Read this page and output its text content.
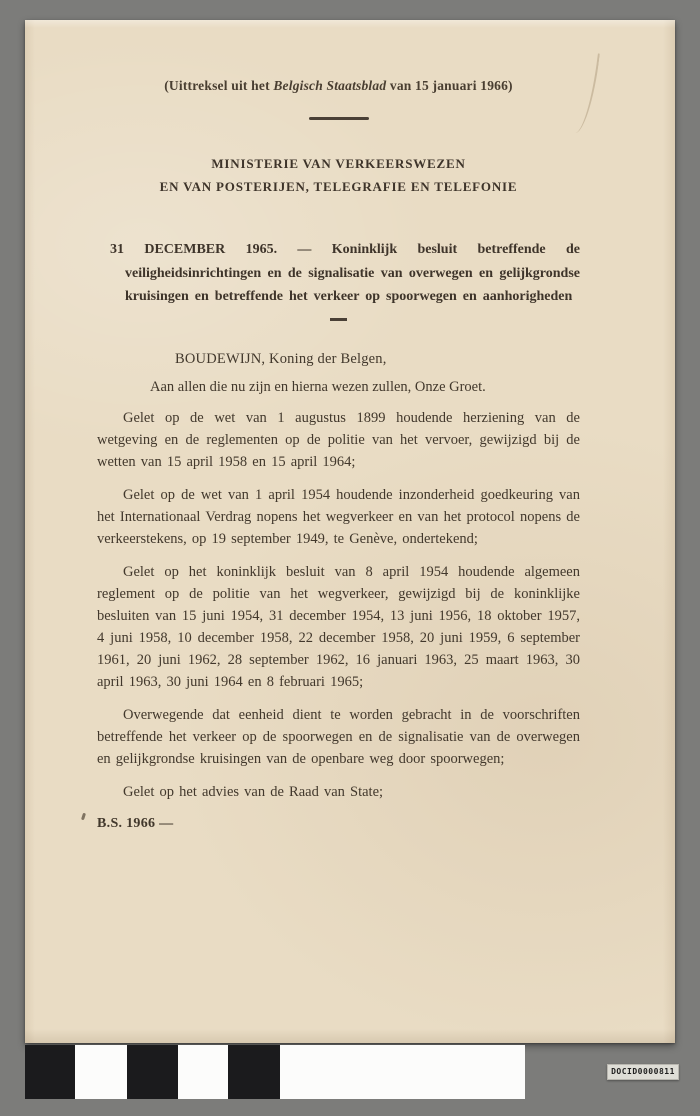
(Uittreksel uit het Belgisch Staatsblad van 15 januari 1966)

MINISTERIE VAN VERKEERSWEZEN
EN VAN POSTERIJEN, TELEGRAFIE EN TELEFONIE

31 DECEMBER 1965. — Koninklijk besluit betreffende de veiligheidsinrichtingen en de signalisatie van overwegen en gelijkgrondse kruisingen en betreffende het verkeer op spoorwegen en aanhorigheden

BOUDEWIJN, Koning der Belgen,

Aan allen die nu zijn en hierna wezen zullen, Onze Groet.

Gelet op de wet van 1 augustus 1899 houdende herziening van de wetgeving en de reglementen op de politie van het vervoer, gewijzigd bij de wetten van 15 april 1958 en 15 april 1964;

Gelet op de wet van 1 april 1954 houdende inzonderheid goedkeuring van het Internationaal Verdrag nopens het wegverkeer en van het protocol nopens de verkeerstekens, op 19 september 1949, te Genève, ondertekend;

Gelet op het koninklijk besluit van 8 april 1954 houdende algemeen reglement op de politie van het wegverkeer, gewijzigd bij de koninklijke besluiten van 15 juni 1954, 31 december 1954, 13 juni 1956, 18 oktober 1957, 4 juni 1958, 10 december 1958, 22 december 1958, 20 juni 1959, 6 september 1961, 20 juni 1962, 28 september 1962, 16 januari 1963, 25 maart 1963, 30 april 1963, 30 juni 1964 en 8 februari 1965;

Overwegende dat eenheid dient te worden gebracht in de voorschriften betreffende het verkeer op de spoorwegen en de signalisatie van de overwegen en gelijkgrondse kruisingen van de openbare weg door spoorwegen;

Gelet op het advies van de Raad van State;

B.S. 1966 —

DOCID0000811
